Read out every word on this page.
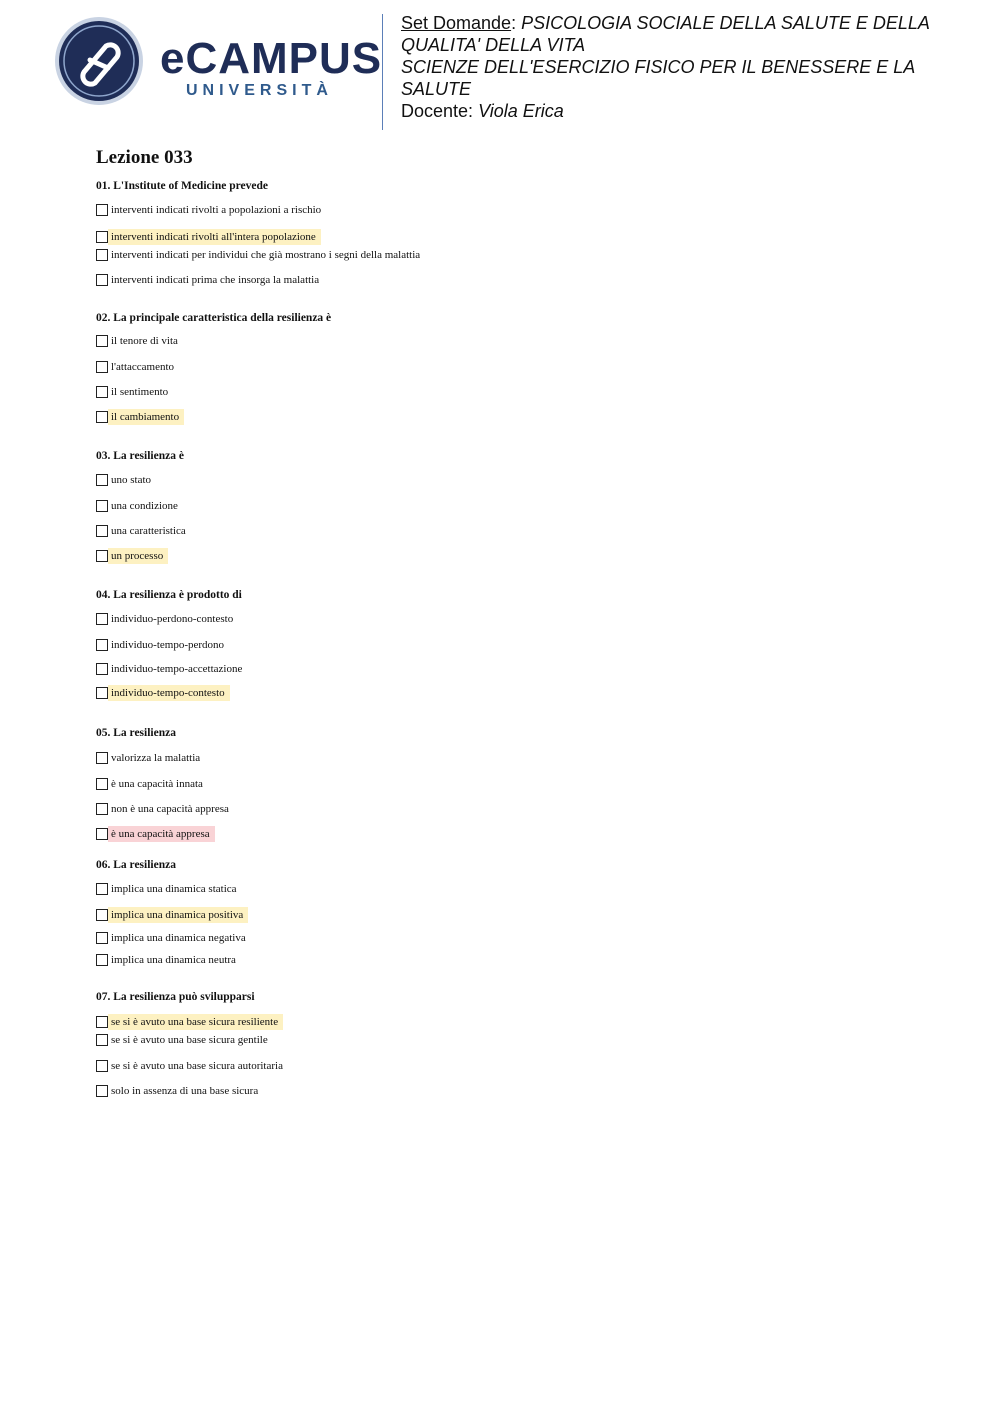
eCAMPUS
UNIVERSITÀ
Set Domande: PSICOLOGIA SOCIALE DELLA SALUTE E DELLA QUALITA' DELLA VITA
SCIENZE DELL'ESERCIZIO FISICO PER IL BENESSERE E LA SALUTE
Docente: Viola Erica
Lezione 033
01. L'Institute of Medicine prevede
interventi indicati rivolti a popolazioni a rischio
interventi indicati rivolti all'intera popolazione
interventi indicati per individui che già mostrano i segni della malattia
interventi indicati prima che insorga la malattia
02. La principale caratteristica della resilienza è
il tenore di vita
l'attaccamento
il sentimento
il cambiamento
03. La resilienza è
uno stato
una condizione
una caratteristica
un processo
04. La resilienza è prodotto di
individuo-perdono-contesto
individuo-tempo-perdono
individuo-tempo-accettazione
individuo-tempo-contesto
05. La resilienza
valorizza la malattia
è una capacità innata
non è una capacità appresa
è una capacità appresa
06. La resilienza
implica una dinamica statica
implica una dinamica positiva
implica una dinamica negativa
implica una dinamica neutra
07. La resilienza può svilupparsi
se si è avuto una base sicura resiliente
se si è avuto una base sicura gentile
se si è avuto una base sicura autoritaria
solo in assenza di una base sicura
